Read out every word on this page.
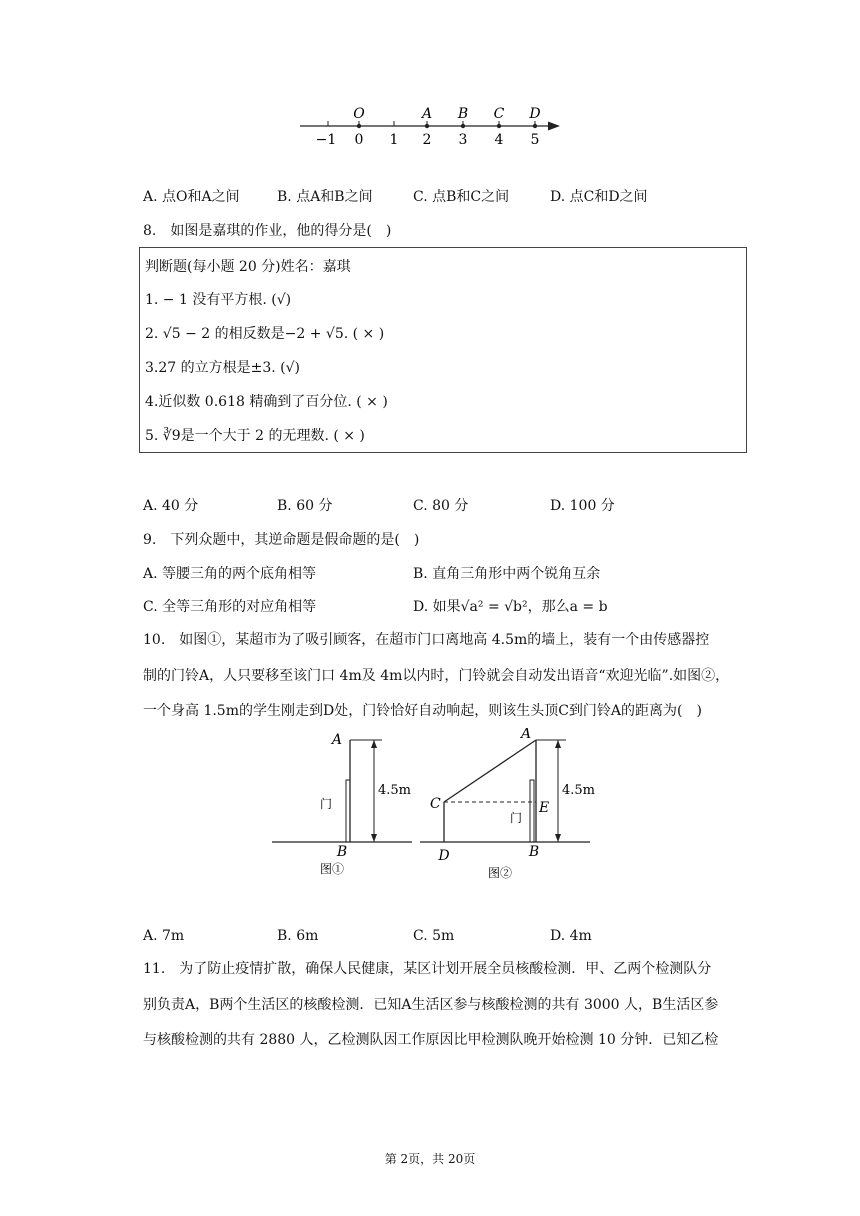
O	A B C D
−1 0 1 2 3 4 5
A. 点O和A之间	B. 点A和B之间	C. 点B和C之间	D. 点C和D之间
8.　如图是嘉琪的作业，他的得分是(　)
判断题(每小题 20 分)姓名：嘉琪
1. − 1 没有平方根. (√)
2. √5 − 2 的相反数是−2 + √5. ( × )
3.27 的立方根是±3. (√)
4.近似数 0.618 精确到了百分位. ( × )
5. ∛9是一个大于 2 的无理数. ( × )
A. 40 分	B. 60 分	C. 80 分	D. 100 分
9.　下列众题中，其逆命题是假命题的是(　)
A. 等腰三角的两个底角相等	B. 直角三角形中两个锐角互余
C. 全等三角形的对应角相等	D. 如果√a² = √b²，那么a = b
10.　如图①，某超市为了吸引顾客，在超市门口离地高 4.5m的墙上，装有一个由传感器控
制的门铃A，人只要移至该门口 4m及 4m以内时，门铃就会自动发出语音“欢迎光临”.如图②，
一个身高 1.5m的学生刚走到D处，门铃恰好自动响起，则该生头顶C到门铃A的距离为(　)
A
B
门
4.5m
图①
A
B
C
D
E
门
4.5m
图②
A. 7m	B. 6m	C. 5m	D. 4m
11.　为了防止疫情扩散，确保人民健康，某区计划开展全员核酸检测．甲、乙两个检测队分
别负责A，B两个生活区的核酸检测．已知A生活区参与核酸检测的共有 3000 人，B生活区参
与核酸检测的共有 2880 人，乙检测队因工作原因比甲检测队晚开始检测 10 分钟．已知乙检
第 2页，共 20页
